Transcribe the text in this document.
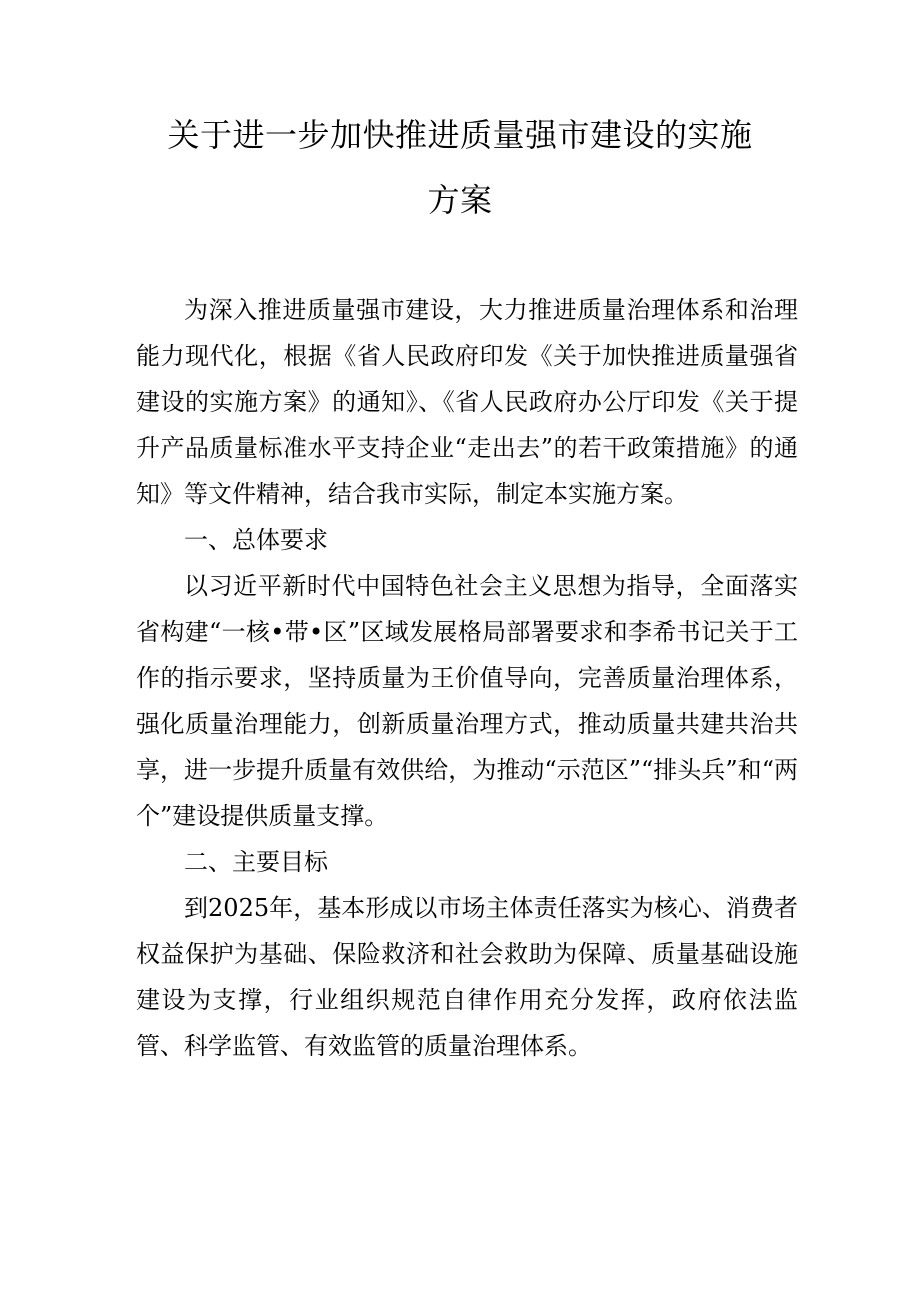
关于进一步加快推进质量强市建设的实施
方案

为深入推进质量强市建设，大力推进质量治理体系和治理能力现代化，根据《省人民政府印发《关于加快推进质量强省建设的实施方案》的通知》、《省人民政府办公厅印发《关于提升产品质量标准水平支持企业“走出去”的若干政策措施》的通知》等文件精神，结合我市实际，制定本实施方案。

一、总体要求

以习近平新时代中国特色社会主义思想为指导，全面落实省构建“一核•带•区”区域发展格局部署要求和李希书记关于工作的指示要求，坚持质量为王价值导向，完善质量治理体系，强化质量治理能力，创新质量治理方式，推动质量共建共治共享，进一步提升质量有效供给，为推动“示范区”“排头兵”和“两个”建设提供质量支撑。

二、主要目标

到2025年，基本形成以市场主体责任落实为核心、消费者权益保护为基础、保险救济和社会救助为保障、质量基础设施建设为支撑，行业组织规范自律作用充分发挥，政府依法监管、科学监管、有效监管的质量治理体系。
